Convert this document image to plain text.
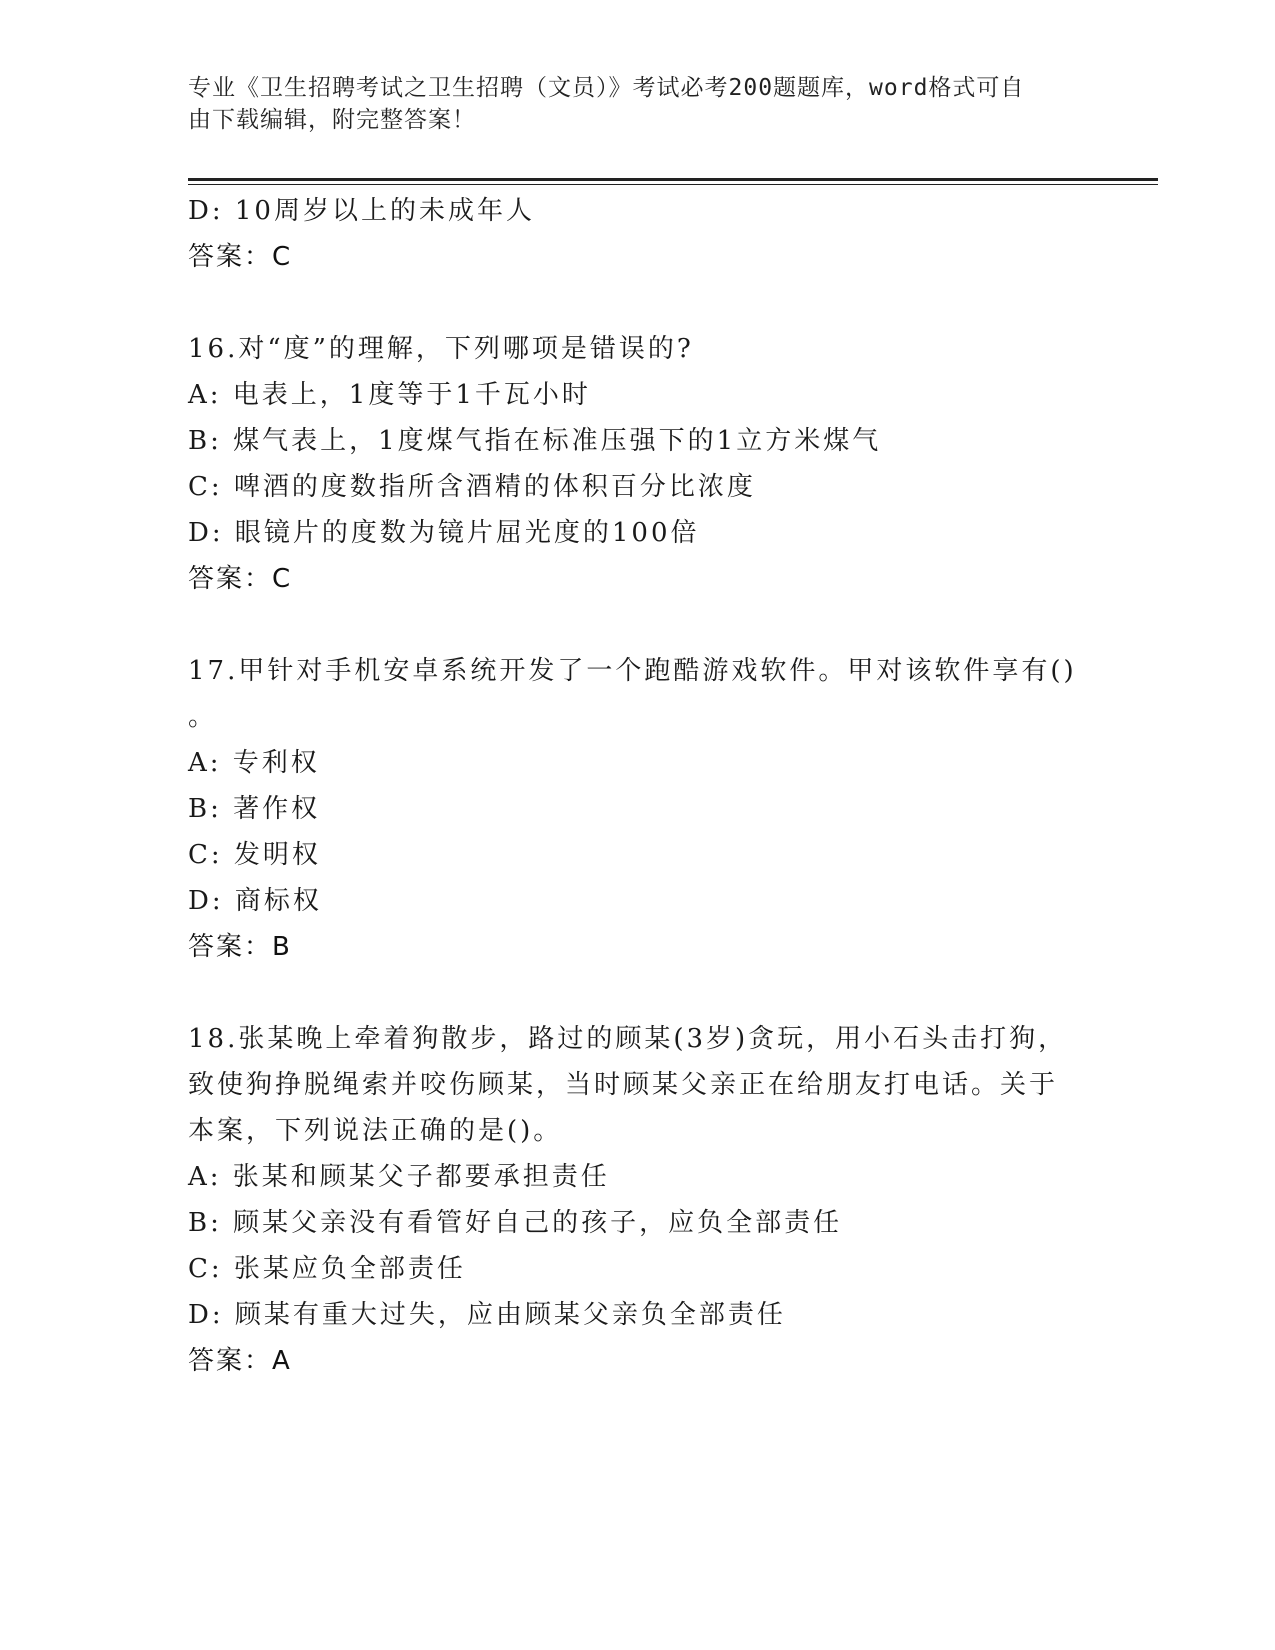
专业《卫生招聘考试之卫生招聘（文员）》考试必考200题题库，word格式可自
由下载编辑，附完整答案！
D: 10周岁以上的未成年人
答案：C
16.对“度”的理解，下列哪项是错误的?
A: 电表上，1度等于1千瓦小时
B: 煤气表上，1度煤气指在标准压强下的1立方米煤气
C: 啤酒的度数指所含酒精的体积百分比浓度
D: 眼镜片的度数为镜片屈光度的100倍
答案：C
17.甲针对手机安卓系统开发了一个跑酷游戏软件。甲对该软件享有()
。
A: 专利权
B: 著作权
C: 发明权
D: 商标权
答案：B
18.张某晚上牵着狗散步，路过的顾某(3岁)贪玩，用小石头击打狗，
致使狗挣脱绳索并咬伤顾某，当时顾某父亲正在给朋友打电话。关于
本案，下列说法正确的是()。
A: 张某和顾某父子都要承担责任
B: 顾某父亲没有看管好自己的孩子，应负全部责任
C: 张某应负全部责任
D: 顾某有重大过失，应由顾某父亲负全部责任
答案：A
